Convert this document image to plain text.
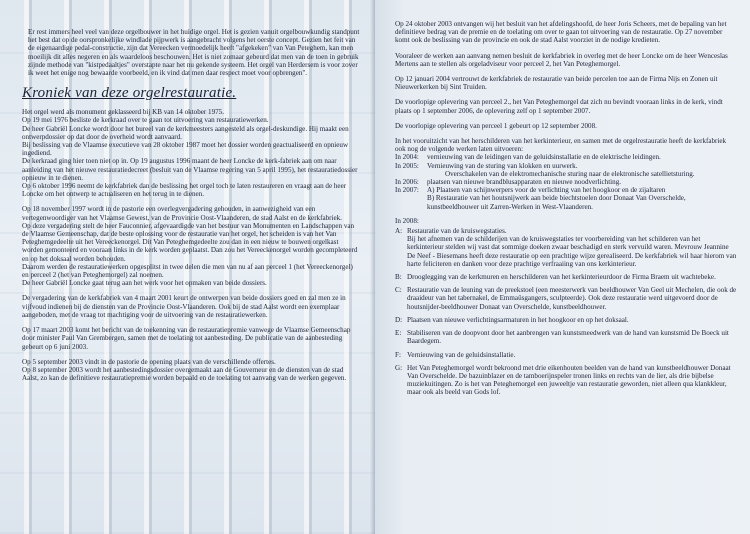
Er rest immers heel veel van deze orgelbouwer in het huidige orgel. Het is gezien vanuit orgelbouwkundig standpunt het best dat op de oorspronkelijke windlade pijpwerk is aangebracht volgens het oerste concept. Gezien het feit van de eigenaardige pedal-constructie, zijn dat Vereecken vermoedelijk heeft "afgekeken" van Van Peteghem, kan men moeilijk dit alles negeren en als waardeloos beschouwen. Het is niet zomaar gebeurd dat men van de toen in gebruik zijnde methode van "kistpedaaltjes" overstapte naar het nu gekende systeem. Het orgel van Herdersem is voor zover ik weet het enige nog bewaarde voorbeeld, en ik vind dat men daar respect moet voor opbrengen".

Kroniek van deze orgelrestauratie.

Het orgel werd als monument geklasseerd bij KB van 14 oktober 1975.
Op 19 mei 1976 besliste de kerkraad over te gaan tot uitvoering van restauratiewerken.
De heer Gabriël Loncke wordt door het bureel van de kerkmeesters aangesteld als orgel-deskundige. Hij maakt een ontwerpdossier op dat door de overheid wordt aanvaard.
Bij beslissing van de Vlaamse executieve van 28 oktober 1987 moet het dossier worden geactualiseerd en opnieuw ingediend.
De kerkraad ging hier toen niet op in. Op 19 augustus 1996 maant de heer Loncke de kerk-fabriek aan om naar aanleiding van het nieuwe restauratiedecreet (besluit van de Vlaamse regering van 5 april 1995), het restauratiedossier opnieuw in te dienen.
Op 6 oktober 1996 neemt de kerkfabriek dan de beslissing het orgel toch te laten restaureren en vraagt aan de heer Loncke om het ontwerp te actualiseren en het terug in te dienen.

Op 18 november 1997 wordt in de pastorie een overlegvergadering gehouden, in aanwezigheid van een vertegenwoordiger van het Vlaamse Gewest, van de Provincie Oost-Vlaanderen, de stad Aalst en de kerkfabriek.
Op deze vergadering stelt de heer Fauconnier, afgevaardigde van het bestuur van Monumenten en Landschappen van de Vlaamse Gemeenschap, dat de beste oplossing voor de restauratie van het orgel, het scheiden is van het Van Peteghemgedeelte uit het Vereeckenorgel. Dit Van Peteghemgedeelte zou dan in een nieuw te bouwen orgelkast worden gemonteerd en vooraan links in de kerk worden geplaatst. Dan zou het Vereeckenorgel worden gecompleteerd en op het doksaal worden behouden.
Daarom werden de restauratiewerken opgesplitst in twee delen die men van nu af aan perceel 1 (het Vereeckenorgel) en perceel 2 (het van Peteghemorgel) zal noemen.
De heer Gabriël Loncke gaat terug aan het werk voor het opmaken van beide dossiers.

De vergadering van de kerkfabriek van 4 maart 2001 keurt de ontwerpen van beide dossiers goed en zal men ze in vijfvoud indienen bij de diensten van de Provincie Oost-Vlaanderen. Ook bij de stad Aalst wordt een exemplaar aangeboden, met de vraag tot machtiging voor de uitvoering van de restauratiewerken.

Op 17 maart 2003 komt het bericht van de toekenning van de restauratiepremie vanwege de Vlaamse Gemeenschap door minister Paul Van Grembergen, samen met de toelating tot aanbesteding. De publicatie van de aanbesteding gebeurt op 6 juni 2003.

Op 5 september 2003 vindt in de pastorie de opening plaats van de verschillende offertes.
Op 8 september 2003 wordt het aanbestedingsdossier overgemaakt aan de Gouverneur en de diensten van de stad Aalst, zo kan de definitieve restauratiepremie worden bepaald en de toelating tot aanvang van de werken gegeven.

Op 24 oktober 2003 ontvangen wij het besluit van het afdelingshoofd, de heer Joris Scheers, met de bepaling van het definitieve bedrag van de premie en de toelating om over te gaan tot uitvoering van de restauratie. Op 27 november komt ook de beslissing van de provincie en ook de stad Aalst voorziet in de nodige kredieten.

Vooraleer de werken aan aanvang nemen besluit de kerkfabriek in overleg met de heer Loncke om de heer Wenceslas Mertens aan te stellen als orgeladviseur voor perceel 2, het Van Peteghemorgel.

Op 12 januari 2004 vertrouwt de kerkfabriek de restauratie van beide percelen toe aan de Firma Nijs en Zonen uit Nieuwerkerken bij Sint Truiden.

De voorlopige oplevering van perceel 2., het Van Peteghemorgel dat zich nu bevindt vooraan links in de kerk, vindt plaats op 1 september 2006, de oplevering zelf op 1 september 2007.

De voorlopige oplevering van perceel 1 gebeurt op 12 september 2008.

In het vooruitzicht van het herschilderen van het kerkinterieur, en samen met de orgelrestauratie heeft de kerkfabriek ook nog de volgende werken laten uitvoeren:

In 2004:	vernieuwing van de leidingen van de geluidsinstallatie en de elektrische leidingen.
In 2005:	Vernieuwing van de sturing van klokken en uurwerk.

Overschakelen van de elektromechanische sturing naar de elektronische satellietsturing.

In 2006:	plaatsen van nieuwe brandblusapparaten en nieuwe noodverlichting.
In 2007:	A) Plaatsen van schijnwerpers voor de verlichting van het hoogkoor en de zijaltaren

B) Restauratie van het houtsnijwerk aan beide biechtstoelen door Donaat Van Overschelde, kunstbeeldhouwer uit Zarren-Werken in West-Vlaanderen.

In 2008:
A: Restauratie van de kruiswegstaties.
Bij het afnemen van de schilderijen van de kruiswegstaties ter voorbereiding van het schilderen van het kerkinterieur stelden wij vast dat sommige doeken zwaar beschadigd en sterk vervuild waren. Mevrouw Jeannine De Neef - Biesemans heeft deze restauratie op een prachtige wijze gerealiseerd. De kerkfabriek wil haar hierom van harte feliciteren en danken voor deze prachtige verfraaiing van ons kerkinterieur.
B: Drooglegging van de kerkmuren en herschilderen van het kerkinterieurdoor de Firma Braem uit wachtebeke.
C: Restauratie van de leuning van de preekstoel (een meesterwerk van beeldhouwer Van Geel uit Mechelen, die ook de draaideur van het tabernakel, de Emmaüsgangers, sculpteerde). Ook deze restauratie werd uitgevoerd door de houtsnijder-beeldhouwer Donaat van Overschelde, kunstbeeldhouwer.
D: Plaatsen van nieuwe verlichtingsarmaturen in het hoogkoor en op het doksaal.
E: Stabiliseren van de doopvont door het aanbrengen van kunstsmeedwerk van de hand van kunstsmid De Boeck uit Baardegem.
F: Vernieuwing van de geluidsinstallatie.
G: Het Van Peteghemorgel wordt bekroond met drie eikenhouten beelden van de hand van kunstbeeldhouwer Donaat Van Overschelde. De bazuinblazer en de tamboerijnspeler tronen links en rechts van de lier, als drie bijbelse muziekuitingen. Zo is het van Peteghemorgel een juweeltje van restauratie geworden, niet alleen qua klankkleur, maar ook als beeld van Gods lof.
